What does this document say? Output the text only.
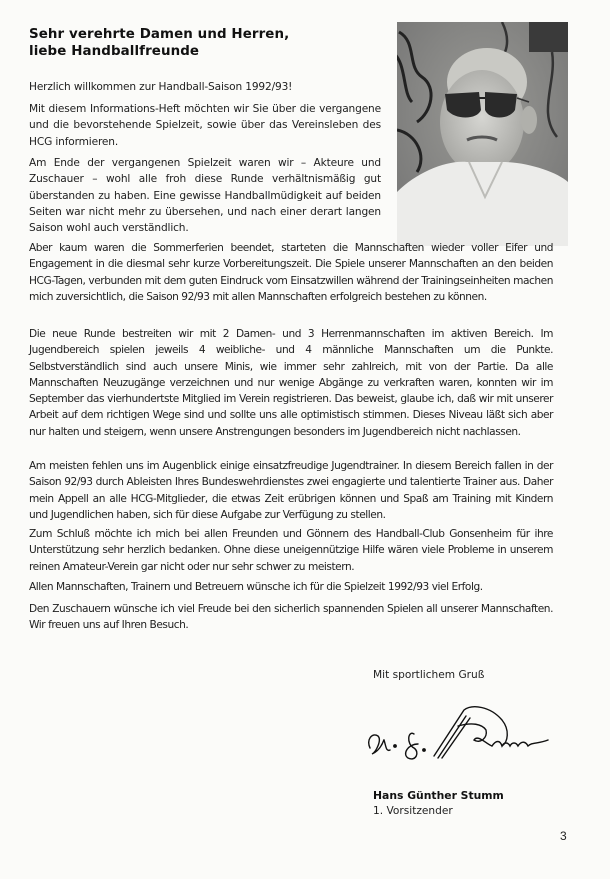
Sehr verehrte Damen und Herren,
liebe Handballfreunde

Herzlich willkommen zur Handball-Saison 1992/93!

Mit diesem Informations-Heft möchten wir Sie über die vergangene und die bevorstehende Spielzeit, sowie über das Vereinsleben des HCG informieren.

Am Ende der vergangenen Spielzeit waren wir – Akteure und Zuschauer – wohl alle froh diese Runde verhältnismäßig gut überstanden zu haben. Eine gewisse Handballmüdigkeit auf beiden Seiten war nicht mehr zu übersehen, und nach einer derart langen Saison wohl auch verständlich.

Aber kaum waren die Sommerferien beendet, starteten die Mannschaften wieder voller Eifer und Engagement in die diesmal sehr kurze Vorbereitungszeit. Die Spiele unserer Mannschaften an den beiden HCG-Tagen, verbunden mit dem guten Eindruck vom Einsatzwillen während der Trainingseinheiten machen mich zuversichtlich, die Saison 92/93 mit allen Mannschaften erfolgreich bestehen zu können.

Die neue Runde bestreiten wir mit 2 Damen- und 3 Herrenmannschaften im aktiven Bereich. Im Jugendbereich spielen jeweils 4 weibliche- und 4 männliche Mannschaften um die Punkte. Selbstverständlich sind auch unsere Minis, wie immer sehr zahlreich, mit von der Partie. Da alle Mannschaften Neuzugänge verzeichnen und nur wenige Abgänge zu verkraften waren, konnten wir im September das vierhundertste Mitglied im Verein registrieren. Das beweist, glaube ich, daß wir mit unserer Arbeit auf dem richtigen Wege sind und sollte uns alle optimistisch stimmen. Dieses Niveau läßt sich aber nur halten und steigern, wenn unsere Anstrengungen besonders im Jugendbereich nicht nachlassen.

Am meisten fehlen uns im Augenblick einige einsatzfreudige Jugendtrainer. In diesem Bereich fallen in der Saison 92/93 durch Ableisten Ihres Bundeswehrdienstes zwei engagierte und talentierte Trainer aus. Daher mein Appell an alle HCG-Mitglieder, die etwas Zeit erübrigen können und Spaß am Training mit Kindern und Jugendlichen haben, sich für diese Aufgabe zur Verfügung zu stellen.

Zum Schluß möchte ich mich bei allen Freunden und Gönnern des Handball-Club Gonsenheim für ihre Unterstützung sehr herzlich bedanken. Ohne diese uneigennützige Hilfe wären viele Probleme in unserem reinen Amateur-Verein gar nicht oder nur sehr schwer zu meistern.

Allen Mannschaften, Trainern und Betreuern wünsche ich für die Spielzeit 1992/93 viel Erfolg.

Den Zuschauern wünsche ich viel Freude bei den sicherlich spannenden Spielen all unserer Mannschaften. Wir freuen uns auf Ihren Besuch.

Mit sportlichem Gruß
Hans Günther Stumm
1. Vorsitzender
3
